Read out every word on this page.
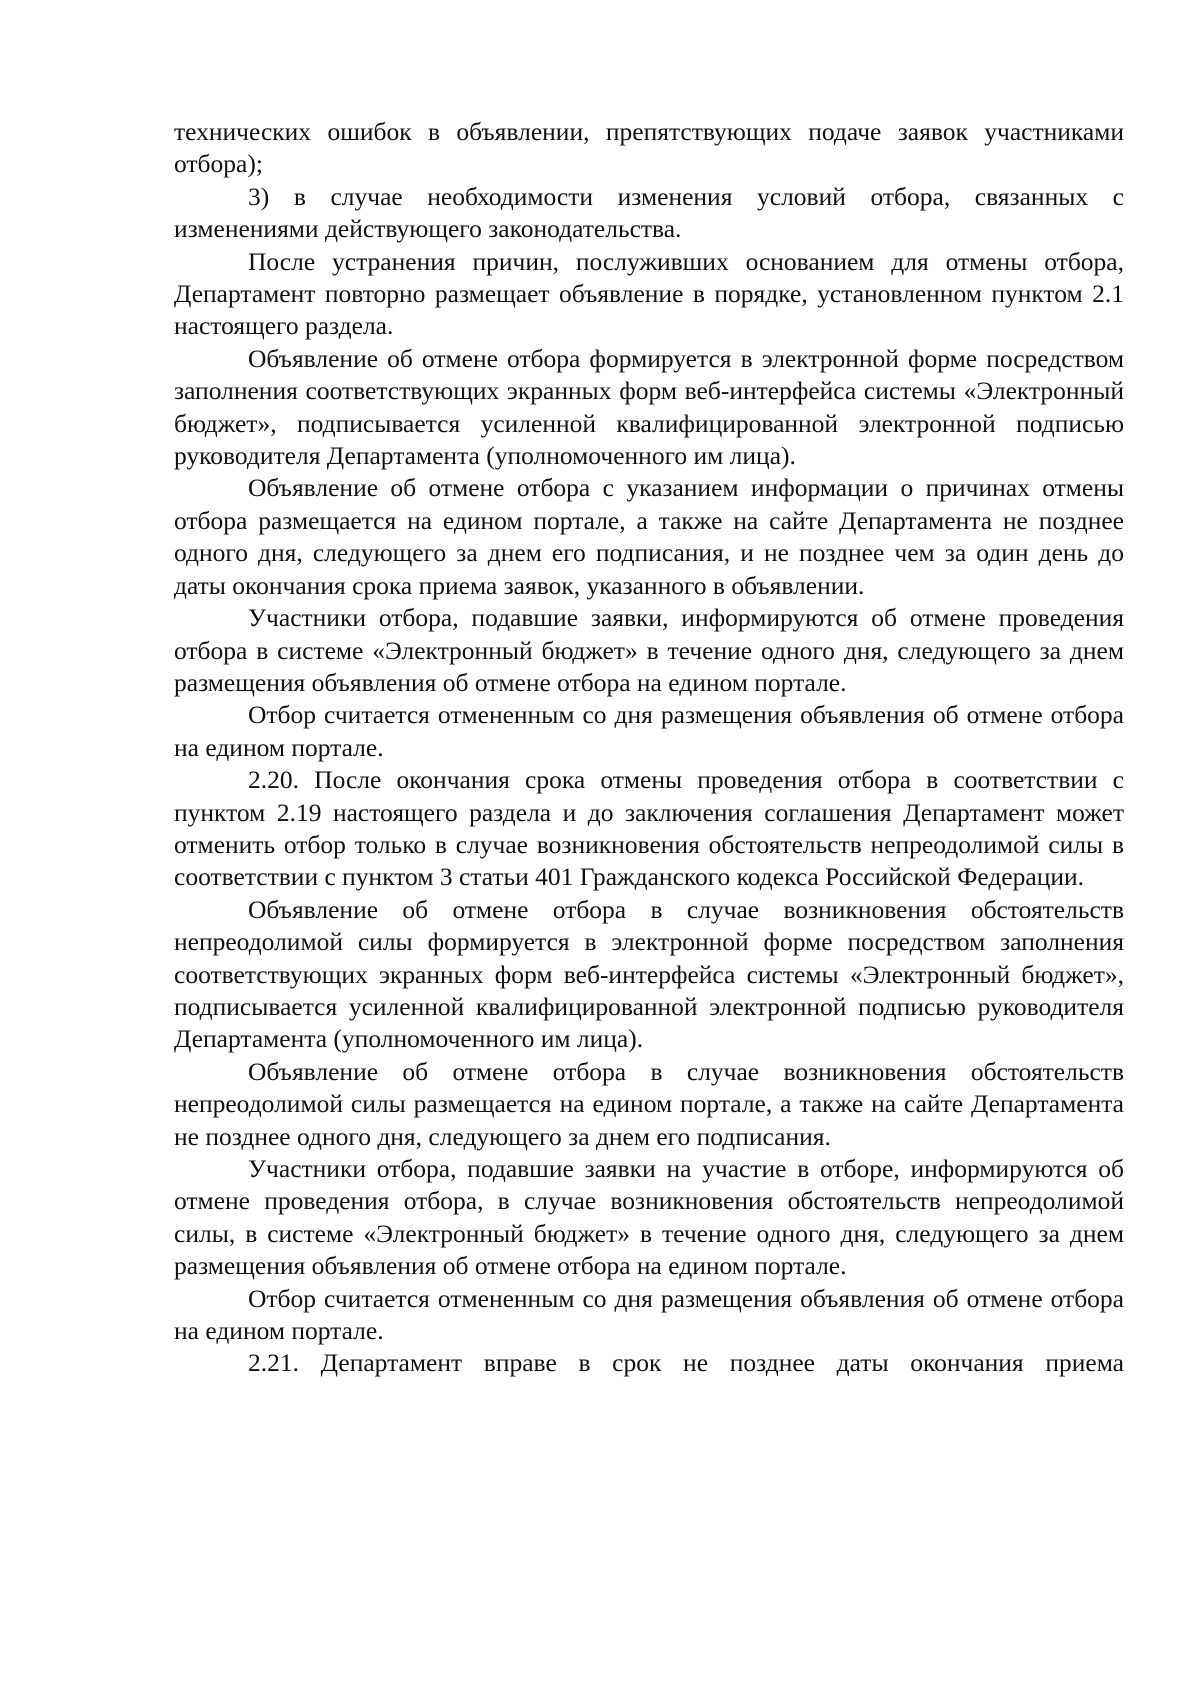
технических ошибок в объявлении, препятствующих подаче заявок участниками отбора);

3) в случае необходимости изменения условий отбора, связанных с изменениями действующего законодательства.

После устранения причин, послуживших основанием для отмены отбора, Департамент повторно размещает объявление в порядке, установленном пунктом 2.1 настоящего раздела.

Объявление об отмене отбора формируется в электронной форме посредством заполнения соответствующих экранных форм веб-интерфейса системы «Электронный бюджет», подписывается усиленной квалифицированной электронной подписью руководителя Департамента (уполномоченного им лица).

Объявление об отмене отбора с указанием информации о причинах отмены отбора размещается на едином портале, а также на сайте Департамента не позднее одного дня, следующего за днем его подписания, и не позднее чем за один день до даты окончания срока приема заявок, указанного в объявлении.

Участники отбора, подавшие заявки, информируются об отмене проведения отбора в системе «Электронный бюджет» в течение одного дня, следующего за днем размещения объявления об отмене отбора на едином портале.

Отбор считается отмененным со дня размещения объявления об отмене отбора на едином портале.

2.20. После окончания срока отмены проведения отбора в соответствии с пунктом 2.19 настоящего раздела и до заключения соглашения Департамент может отменить отбор только в случае возникновения обстоятельств непреодолимой силы в соответствии с пунктом 3 статьи 401 Гражданского кодекса Российской Федерации.

Объявление об отмене отбора в случае возникновения обстоятельств непреодолимой силы формируется в электронной форме посредством заполнения соответствующих экранных форм веб-интерфейса системы «Электронный бюджет», подписывается усиленной квалифицированной электронной подписью руководителя Департамента (уполномоченного им лица).

Объявление об отмене отбора в случае возникновения обстоятельств непреодолимой силы размещается на едином портале, а также на сайте Департамента не позднее одного дня, следующего за днем его подписания.

Участники отбора, подавшие заявки на участие в отборе, информируются об отмене проведения отбора, в случае возникновения обстоятельств непреодолимой силы, в системе «Электронный бюджет» в течение одного дня, следующего за днем размещения объявления об отмене отбора на едином портале.

Отбор считается отмененным со дня размещения объявления об отмене отбора на едином портале.

2.21. Департамент вправе в срок не позднее даты окончания приема
